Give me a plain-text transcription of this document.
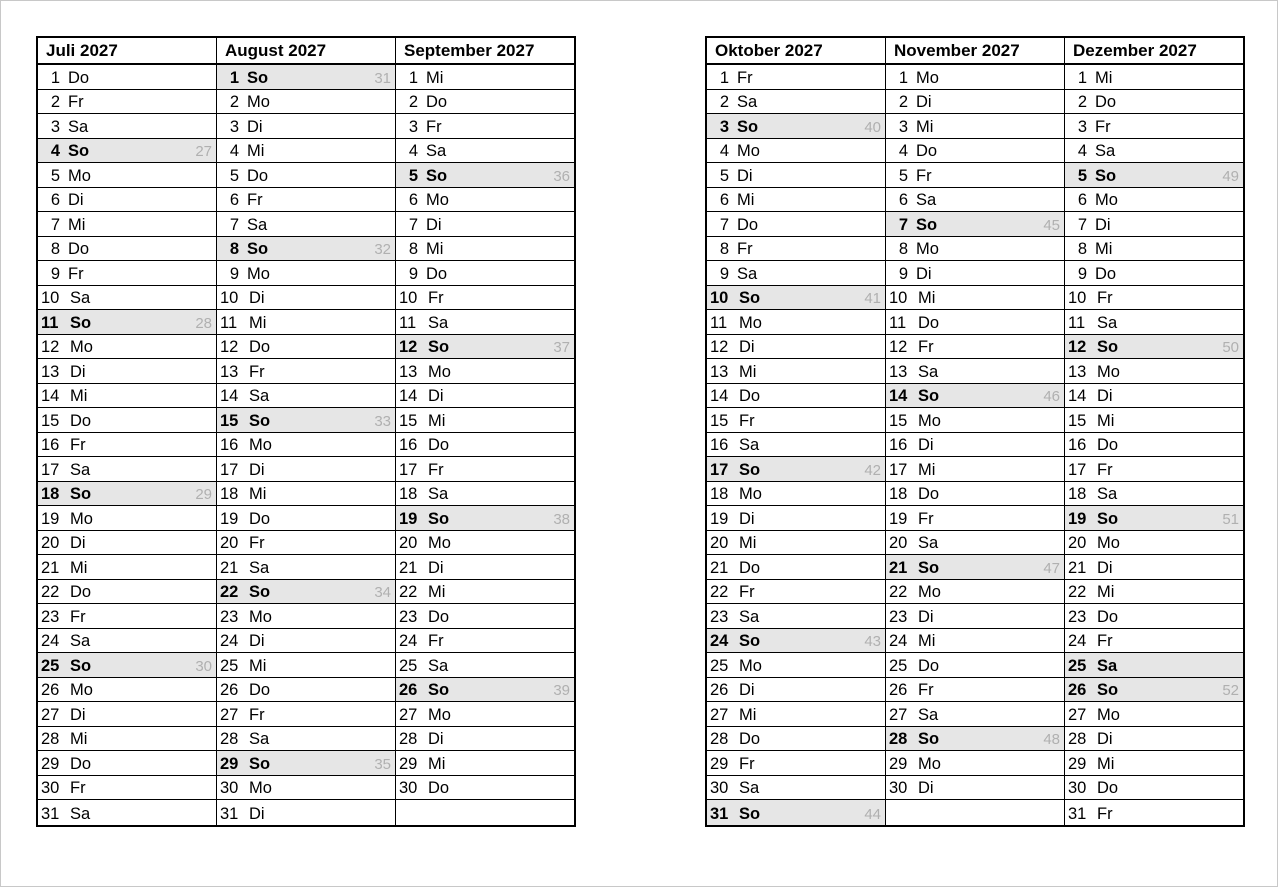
Juli 2027
1 Do
2 Fr
3 Sa
4 So	27
5 Mo
6 Di
7 Mi
8 Do
9 Fr
10 Sa
11 So	28
12 Mo
13 Di
14 Mi
15 Do
16 Fr
17 Sa
18 So	29
19 Mo
20 Di
21 Mi
22 Do
23 Fr
24 Sa
25 So	30
26 Mo
27 Di
28 Mi
29 Do
30 Fr
31 Sa
August 2027
1 So	31
2 Mo
3 Di
4 Mi
5 Do
6 Fr
7 Sa
8 So	32
9 Mo
10 Di
11 Mi
12 Do
13 Fr
14 Sa
15 So	33
16 Mo
17 Di
18 Mi
19 Do
20 Fr
21 Sa
22 So	34
23 Mo
24 Di
25 Mi
26 Do
27 Fr
28 Sa
29 So	35
30 Mo
31 Di
September 2027
1 Mi
2 Do
3 Fr
4 Sa
5 So	36
6 Mo
7 Di
8 Mi
9 Do
10 Fr
11 Sa
12 So	37
13 Mo
14 Di
15 Mi
16 Do
17 Fr
18 Sa
19 So	38
20 Mo
21 Di
22 Mi
23 Do
24 Fr
25 Sa
26 So	39
27 Mo
28 Di
29 Mi
30 Do
Oktober 2027
1 Fr
2 Sa
3 So	40
4 Mo
5 Di
6 Mi
7 Do
8 Fr
9 Sa
10 So	41
11 Mo
12 Di
13 Mi
14 Do
15 Fr
16 Sa
17 So	42
18 Mo
19 Di
20 Mi
21 Do
22 Fr
23 Sa
24 So	43
25 Mo
26 Di
27 Mi
28 Do
29 Fr
30 Sa
31 So	44
November 2027
1 Mo
2 Di
3 Mi
4 Do
5 Fr
6 Sa
7 So	45
8 Mo
9 Di
10 Mi
11 Do
12 Fr
13 Sa
14 So	46
15 Mo
16 Di
17 Mi
18 Do
19 Fr
20 Sa
21 So	47
22 Mo
23 Di
24 Mi
25 Do
26 Fr
27 Sa
28 So	48
29 Mo
30 Di
Dezember 2027
1 Mi
2 Do
3 Fr
4 Sa
5 So	49
6 Mo
7 Di
8 Mi
9 Do
10 Fr
11 Sa
12 So	50
13 Mo
14 Di
15 Mi
16 Do
17 Fr
18 Sa
19 So	51
20 Mo
21 Di
22 Mi
23 Do
24 Fr
25 Sa
26 So	52
27 Mo
28 Di
29 Mi
30 Do
31 Fr
